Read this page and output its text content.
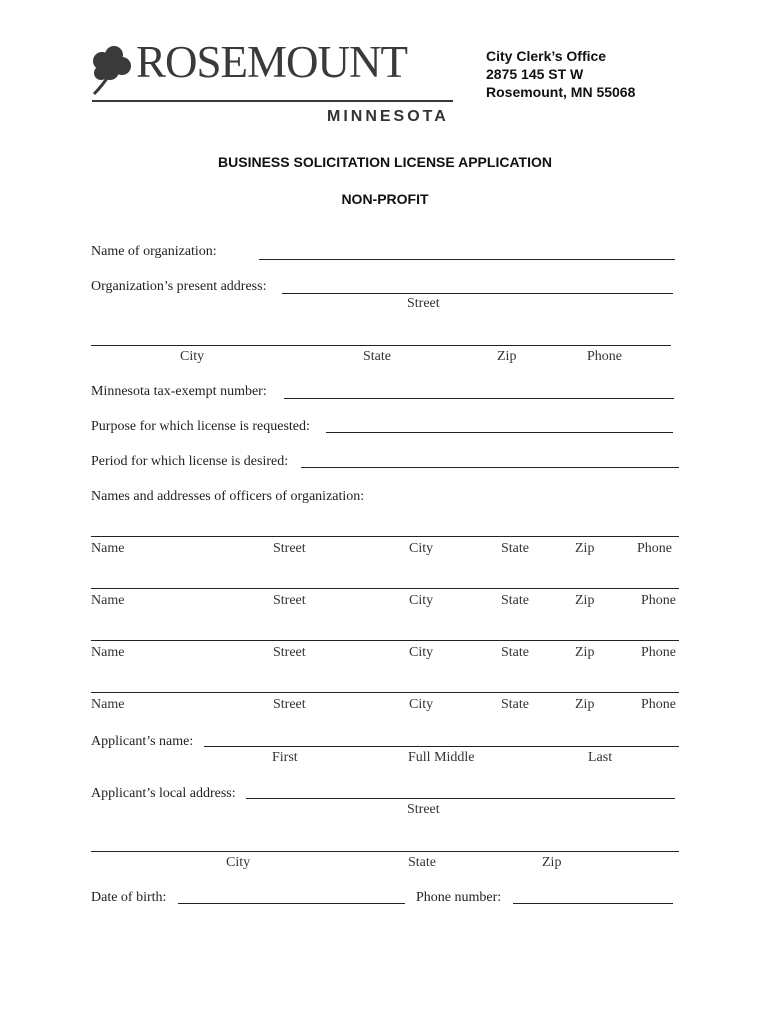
ROSEMOUNT
MINNESOTA
City Clerk’s Office
2875 145 ST W
Rosemount, MN 55068
BUSINESS SOLICITATION LICENSE APPLICATION
NON-PROFIT
Name of organization:
Organization’s present address:
Street
City	State	Zip	Phone
Minnesota tax-exempt number:
Purpose for which license is requested:
Period for which license is desired:
Names and addresses of officers of organization:
Name	Street	City	State	Zip	Phone
Name	Street	City	State	Zip	Phone
Name	Street	City	State	Zip	Phone
Name	Street	City	State	Zip	Phone
Applicant’s name:
First	Full Middle	Last
Applicant’s local address:
Street
City	State	Zip
Date of birth:	Phone number:
